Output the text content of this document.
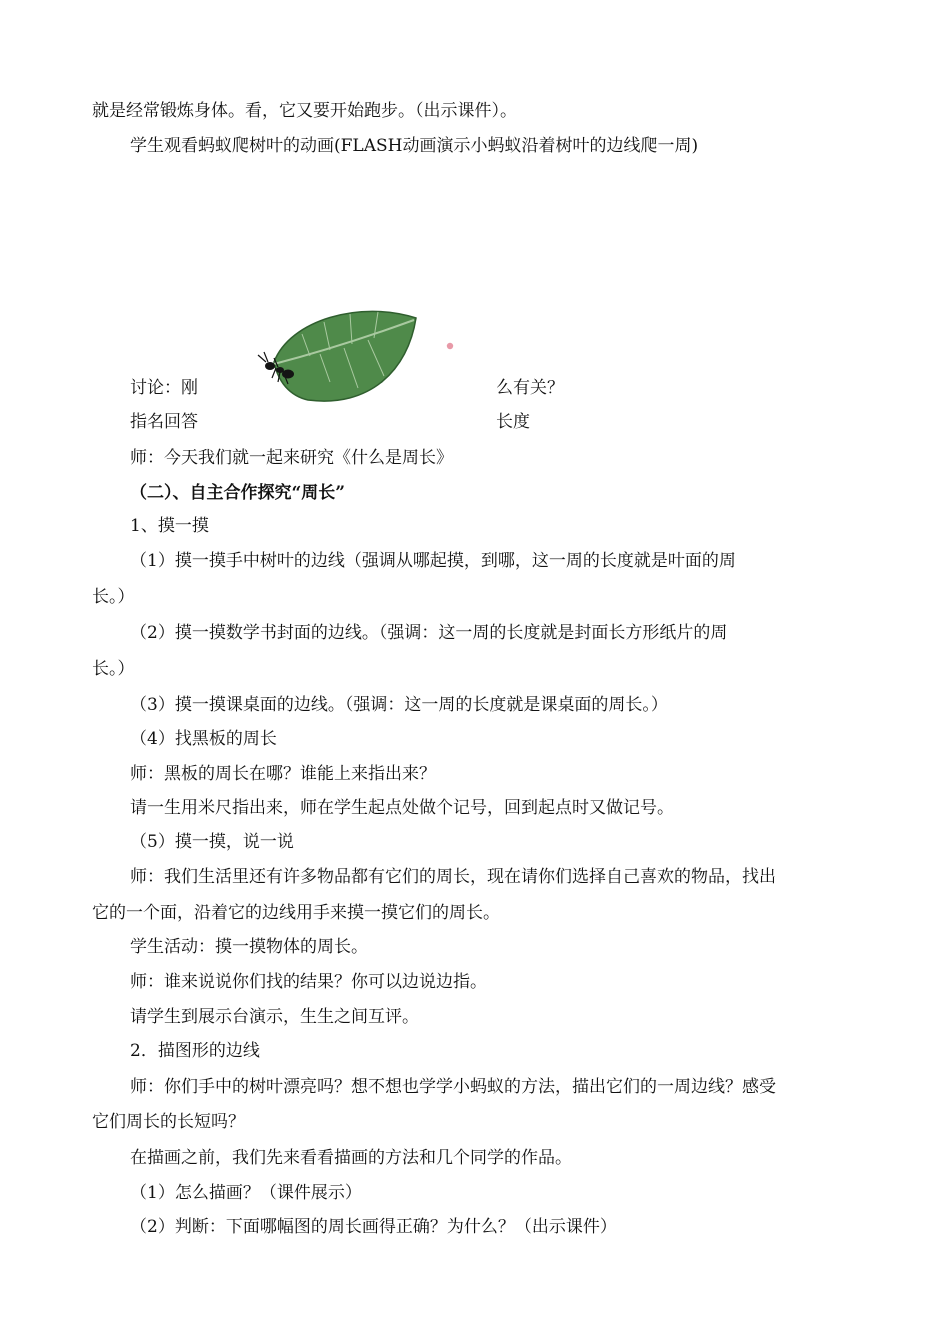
就是经常锻炼身体。看，它又要开始跑步。（出示课件）。
学生观看蚂蚁爬树叶的动画(FLASH动画演示小蚂蚁沿着树叶的边线爬一周)
讨论：刚	么有关？
指名回答	长度
师：今天我们就一起来研究《什么是周长》
（二）、自主合作探究“周长”
1、摸一摸
（1）摸一摸手中树叶的边线（强调从哪起摸，到哪，这一周的长度就是叶面的周
长。）
（2）摸一摸数学书封面的边线。（强调：这一周的长度就是封面长方形纸片的周
长。）
（3）摸一摸课桌面的边线。（强调：这一周的长度就是课桌面的周长。）
（4）找黑板的周长
师：黑板的周长在哪？谁能上来指出来？
请一生用米尺指出来，师在学生起点处做个记号，回到起点时又做记号。
（5）摸一摸，说一说
师：我们生活里还有许多物品都有它们的周长，现在请你们选择自己喜欢的物品，找出
它的一个面，沿着它的边线用手来摸一摸它们的周长。
学生活动：摸一摸物体的周长。
师：谁来说说你们找的结果？你可以边说边指。
请学生到展示台演示，生生之间互评。
2．描图形的边线
师：你们手中的树叶漂亮吗？想不想也学学小蚂蚁的方法，描出它们的一周边线？感受
它们周长的长短吗？
在描画之前，我们先来看看描画的方法和几个同学的作品。
（1）怎么描画？（课件展示）
（2）判断：下面哪幅图的周长画得正确？为什么？（出示课件）
